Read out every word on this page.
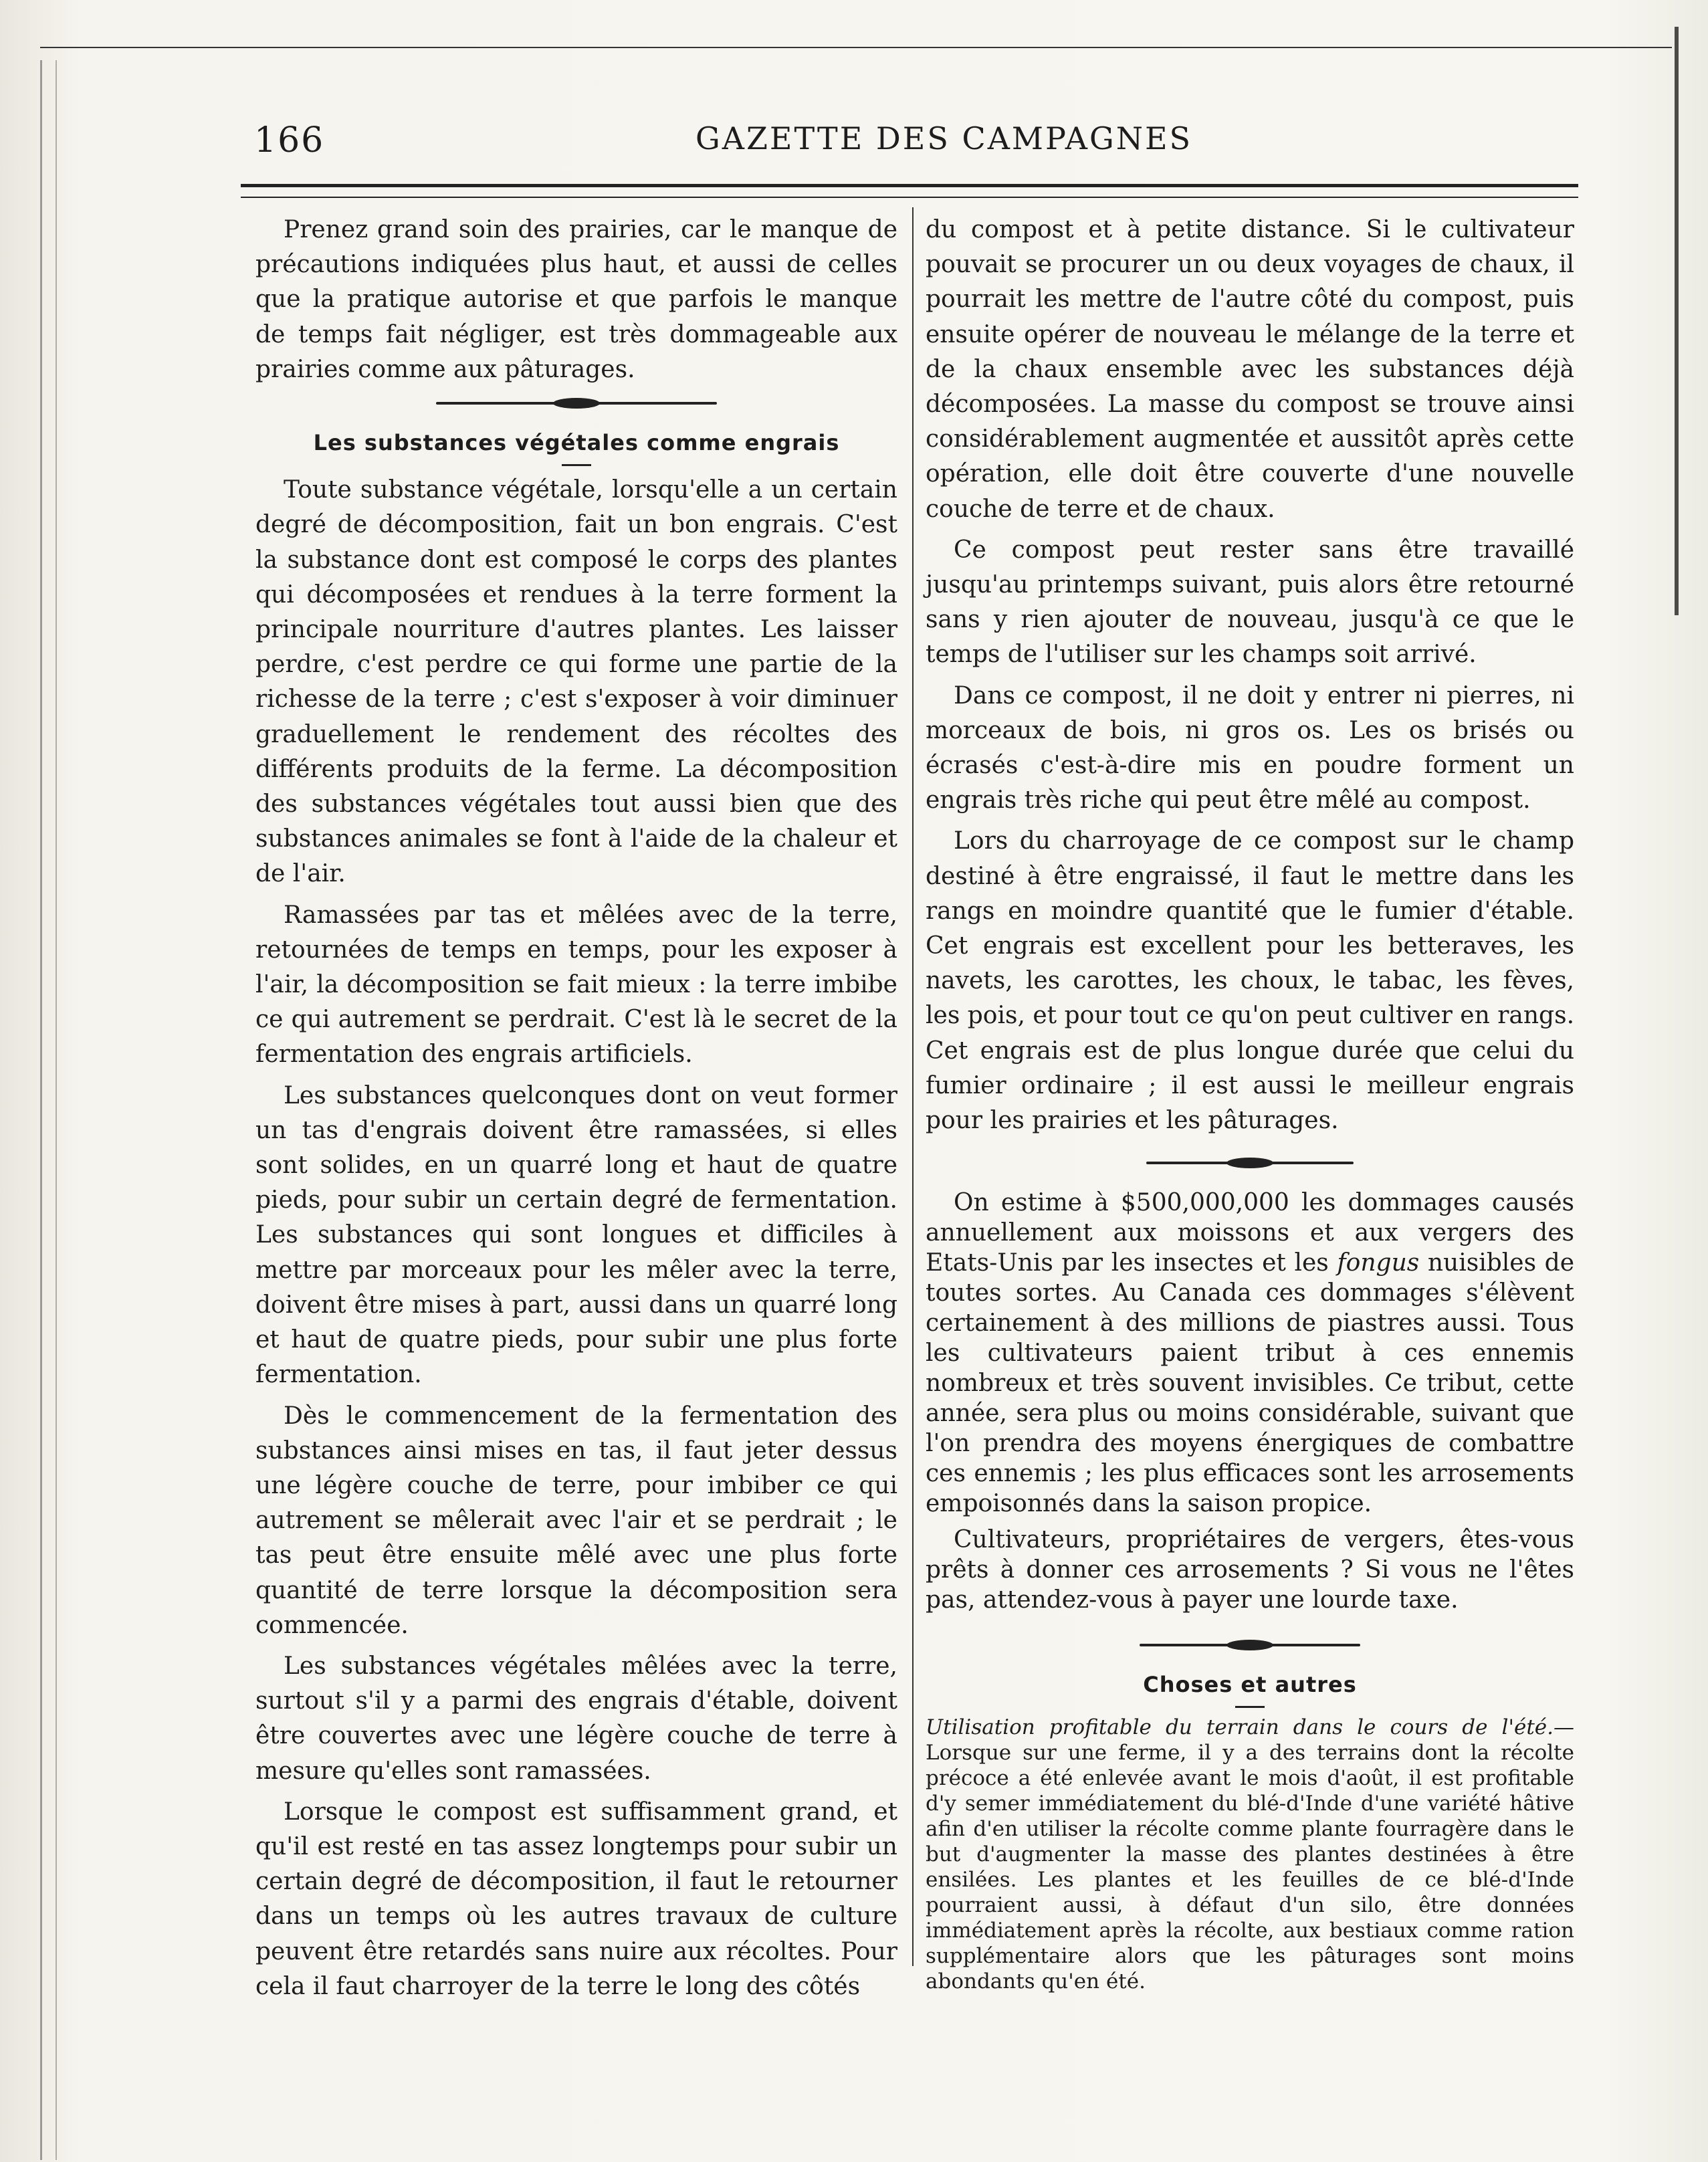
166	GAZETTE DES CAMPAGNES

Prenez grand soin des prairies, car le manque de précautions indiquées plus haut, et aussi de celles que la pratique autorise et que parfois le manque de temps fait négliger, est très dommageable aux prairies comme aux pâturages.

Les substances végétales comme engrais

Toute substance végétale, lorsqu'elle a un certain degré de décomposition, fait un bon engrais. C'est la substance dont est composé le corps des plantes qui décomposées et rendues à la terre forment la principale nourriture d'autres plantes. Les laisser perdre, c'est perdre ce qui forme une partie de la richesse de la terre ; c'est s'exposer à voir diminuer graduellement le rendement des récoltes des différents produits de la ferme. La décomposition des substances végétales tout aussi bien que des substances animales se font à l'aide de la chaleur et de l'air.

Ramassées par tas et mêlées avec de la terre, retournées de temps en temps, pour les exposer à l'air, la décomposition se fait mieux : la terre imbibe ce qui autrement se perdrait. C'est là le secret de la fermentation des engrais artificiels.

Les substances quelconques dont on veut former un tas d'engrais doivent être ramassées, si elles sont solides, en un quarré long et haut de quatre pieds, pour subir un certain degré de fermentation. Les substances qui sont longues et difficiles à mettre par morceaux pour les mêler avec la terre, doivent être mises à part, aussi dans un quarré long et haut de quatre pieds, pour subir une plus forte fermentation.

Dès le commencement de la fermentation des substances ainsi mises en tas, il faut jeter dessus une légère couche de terre, pour imbiber ce qui autrement se mêlerait avec l'air et se perdrait ; le tas peut être ensuite mêlé avec une plus forte quantité de terre lorsque la décomposition sera commencée.

Les substances végétales mêlées avec la terre, surtout s'il y a parmi des engrais d'étable, doivent être couvertes avec une légère couche de terre à mesure qu'elles sont ramassées.

Lorsque le compost est suffisamment grand, et qu'il est resté en tas assez longtemps pour subir un certain degré de décomposition, il faut le retourner dans un temps où les autres travaux de culture peuvent être retardés sans nuire aux récoltes. Pour cela il faut charroyer de la terre le long des côtés

du compost et à petite distance. Si le cultivateur pouvait se procurer un ou deux voyages de chaux, il pourrait les mettre de l'autre côté du compost, puis ensuite opérer de nouveau le mélange de la terre et de la chaux ensemble avec les substances déjà décomposées. La masse du compost se trouve ainsi considérablement augmentée et aussitôt après cette opération, elle doit être couverte d'une nouvelle couche de terre et de chaux.

Ce compost peut rester sans être travaillé jusqu'au printemps suivant, puis alors être retourné sans y rien ajouter de nouveau, jusqu'à ce que le temps de l'utiliser sur les champs soit arrivé.

Dans ce compost, il ne doit y entrer ni pierres, ni morceaux de bois, ni gros os. Les os brisés ou écrasés c'est-à-dire mis en poudre forment un engrais très riche qui peut être mêlé au compost.

Lors du charroyage de ce compost sur le champ destiné à être engraissé, il faut le mettre dans les rangs en moindre quantité que le fumier d'étable. Cet engrais est excellent pour les betteraves, les navets, les carottes, les choux, le tabac, les fèves, les pois, et pour tout ce qu'on peut cultiver en rangs. Cet engrais est de plus longue durée que celui du fumier ordinaire ; il est aussi le meilleur engrais pour les prairies et les pâturages.

On estime à $500,000,000 les dommages causés annuellement aux moissons et aux vergers des Etats-Unis par les insectes et les fongus nuisibles de toutes sortes. Au Canada ces dommages s'élèvent certainement à des millions de piastres aussi. Tous les cultivateurs paient tribut à ces ennemis nombreux et très souvent invisibles. Ce tribut, cette année, sera plus ou moins considérable, suivant que l'on prendra des moyens énergiques de combattre ces ennemis ; les plus efficaces sont les arrosements empoisonnés dans la saison propice.

Cultivateurs, propriétaires de vergers, êtes-vous prêts à donner ces arrosements ? Si vous ne l'êtes pas, attendez-vous à payer une lourde taxe.

Choses et autres

Utilisation profitable du terrain dans le cours de l'été.— Lorsque sur une ferme, il y a des terrains dont la récolte précoce a été enlevée avant le mois d'août, il est profitable d'y semer immédiatement du blé-d'Inde d'une variété hâtive afin d'en utiliser la récolte comme plante fourragère dans le but d'augmenter la masse des plantes destinées à être ensilées. Les plantes et les feuilles de ce blé-d'Inde pourraient aussi, à défaut d'un silo, être données immédiatement après la récolte, aux bestiaux comme ration supplémentaire alors que les pâturages sont moins abondants qu'en été.
